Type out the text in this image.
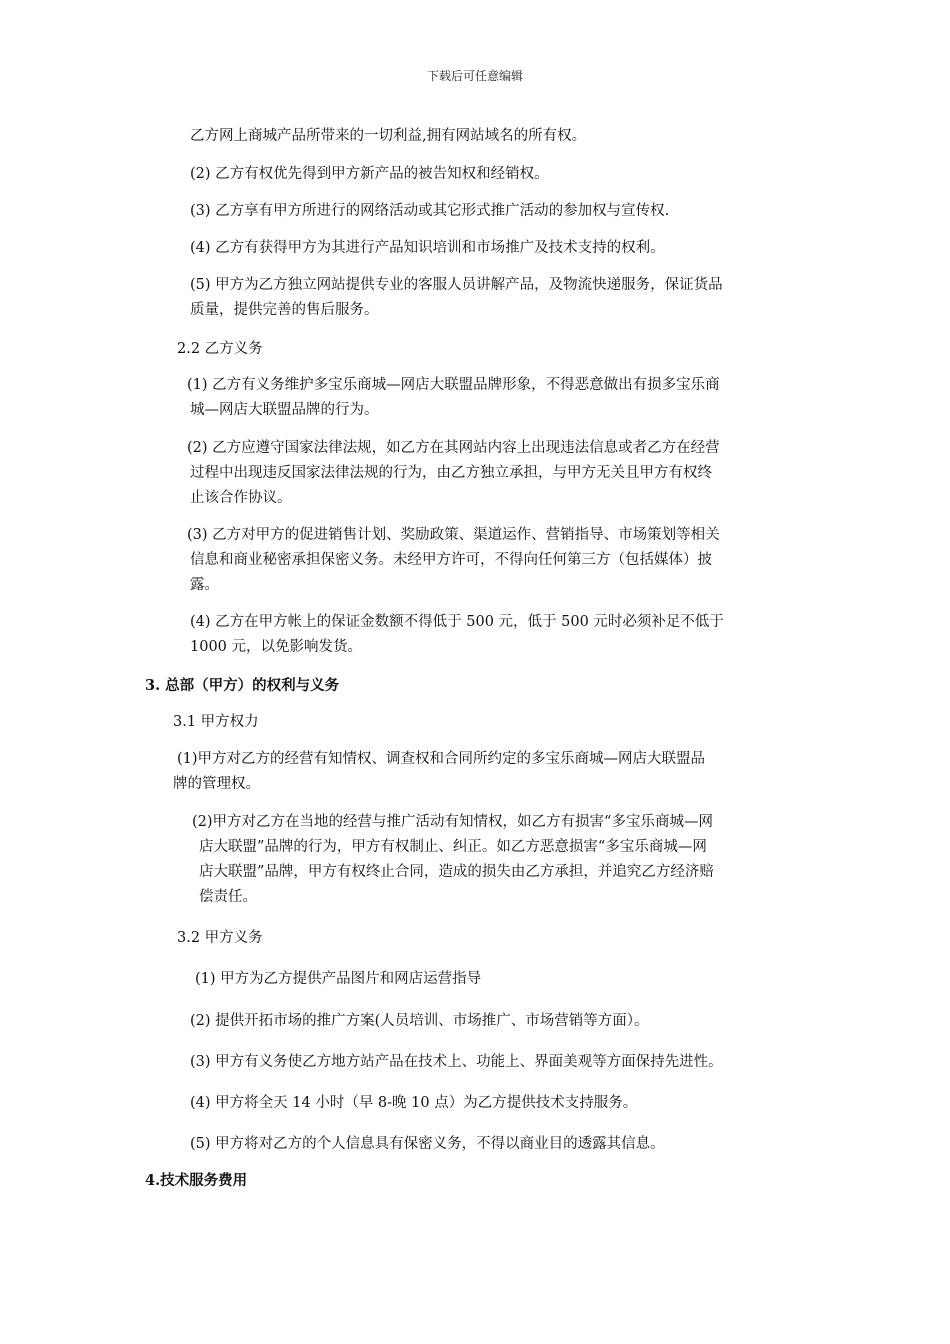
下载后可任意编辑

乙方网上商城产品所带来的一切利益,拥有网站域名的所有权。

(2) 乙方有权优先得到甲方新产品的被告知权和经销权。

(3) 乙方享有甲方所进行的网络活动或其它形式推广活动的参加权与宣传权.

(4) 乙方有获得甲方为其进行产品知识培训和市场推广及技术支持的权利。

(5) 甲方为乙方独立网站提供专业的客服人员讲解产品，及物流快递服务，保证货品

质量，提供完善的售后服务。

2.2 乙方义务

(1) 乙方有义务维护多宝乐商城—网店大联盟品牌形象，不得恶意做出有损多宝乐商

城—网店大联盟品牌的行为。

(2) 乙方应遵守国家法律法规，如乙方在其网站内容上出现违法信息或者乙方在经营

过程中出现违反国家法律法规的行为，由乙方独立承担，与甲方无关且甲方有权终

止该合作协议。

(3) 乙方对甲方的促进销售计划、奖励政策、渠道运作、营销指导、市场策划等相关

信息和商业秘密承担保密义务。未经甲方许可，不得向任何第三方（包括媒体）披

露。

(4) 乙方在甲方帐上的保证金数额不得低于 500 元，低于 500 元时必须补足不低于

1000 元，以免影响发货。

3. 总部（甲方）的权利与义务

3.1 甲方权力

(1)甲方对乙方的经营有知情权、调查权和合同所约定的多宝乐商城—网店大联盟品

牌的管理权。

(2)甲方对乙方在当地的经营与推广活动有知情权，如乙方有损害“多宝乐商城—网

店大联盟”品牌的行为，甲方有权制止、纠正。如乙方恶意损害“多宝乐商城—网

店大联盟”品牌，甲方有权终止合同，造成的损失由乙方承担，并追究乙方经济赔

偿责任。

3.2 甲方义务

(1) 甲方为乙方提供产品图片和网店运营指导

(2) 提供开拓市场的推广方案(人员培训、市场推广、市场营销等方面）。

(3) 甲方有义务使乙方地方站产品在技术上、功能上、界面美观等方面保持先进性。

(4) 甲方将全天 14 小时（早 8-晚 10 点）为乙方提供技术支持服务。

(5) 甲方将对乙方的个人信息具有保密义务，不得以商业目的透露其信息。

4.技术服务费用
